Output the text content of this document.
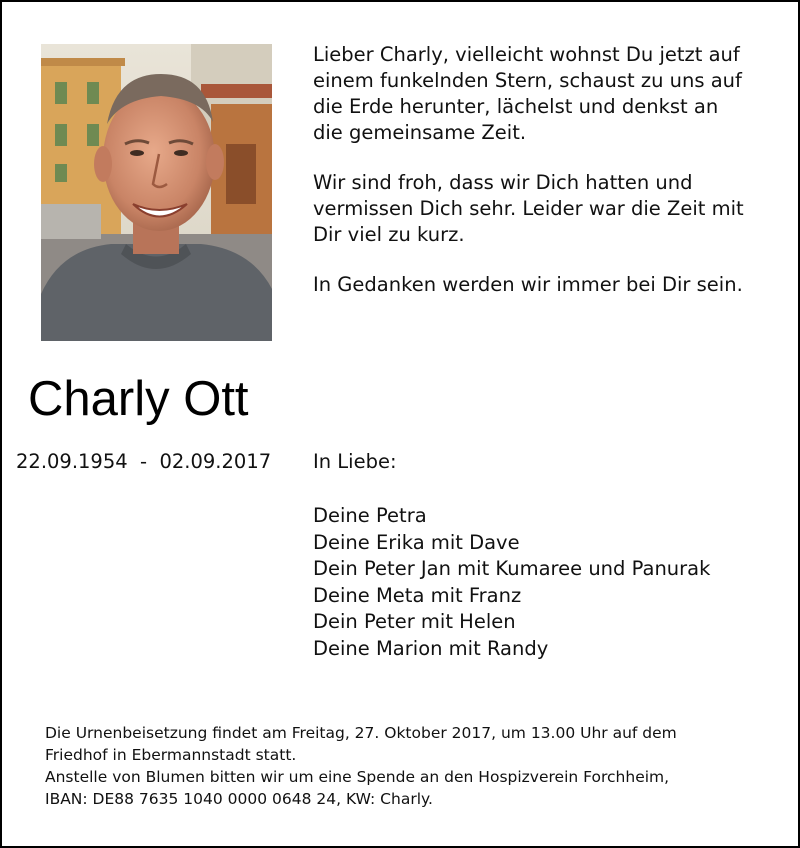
Lieber Charly, vielleicht wohnst Du jetzt auf
einem funkelnden Stern, schaust zu uns auf
die Erde herunter, lächelst und denkst an
die gemeinsame Zeit.

Wir sind froh, dass wir Dich hatten und
vermissen Dich sehr. Leider war die Zeit mit
Dir viel zu kurz.

In Gedanken werden wir immer bei Dir sein.

Charly Ott
22.09.1954  -  02.09.2017	In Liebe:
Deine Petra
Deine Erika mit Dave
Dein Peter Jan mit Kumaree und Panurak
Deine Meta mit Franz
Dein Peter mit Helen
Deine Marion mit Randy
Die Urnenbeisetzung findet am Freitag, 27. Oktober 2017, um 13.00 Uhr auf dem
Friedhof in Ebermannstadt statt.
Anstelle von Blumen bitten wir um eine Spende an den Hospizverein Forchheim,
IBAN: DE88 7635 1040 0000 0648 24, KW: Charly.
